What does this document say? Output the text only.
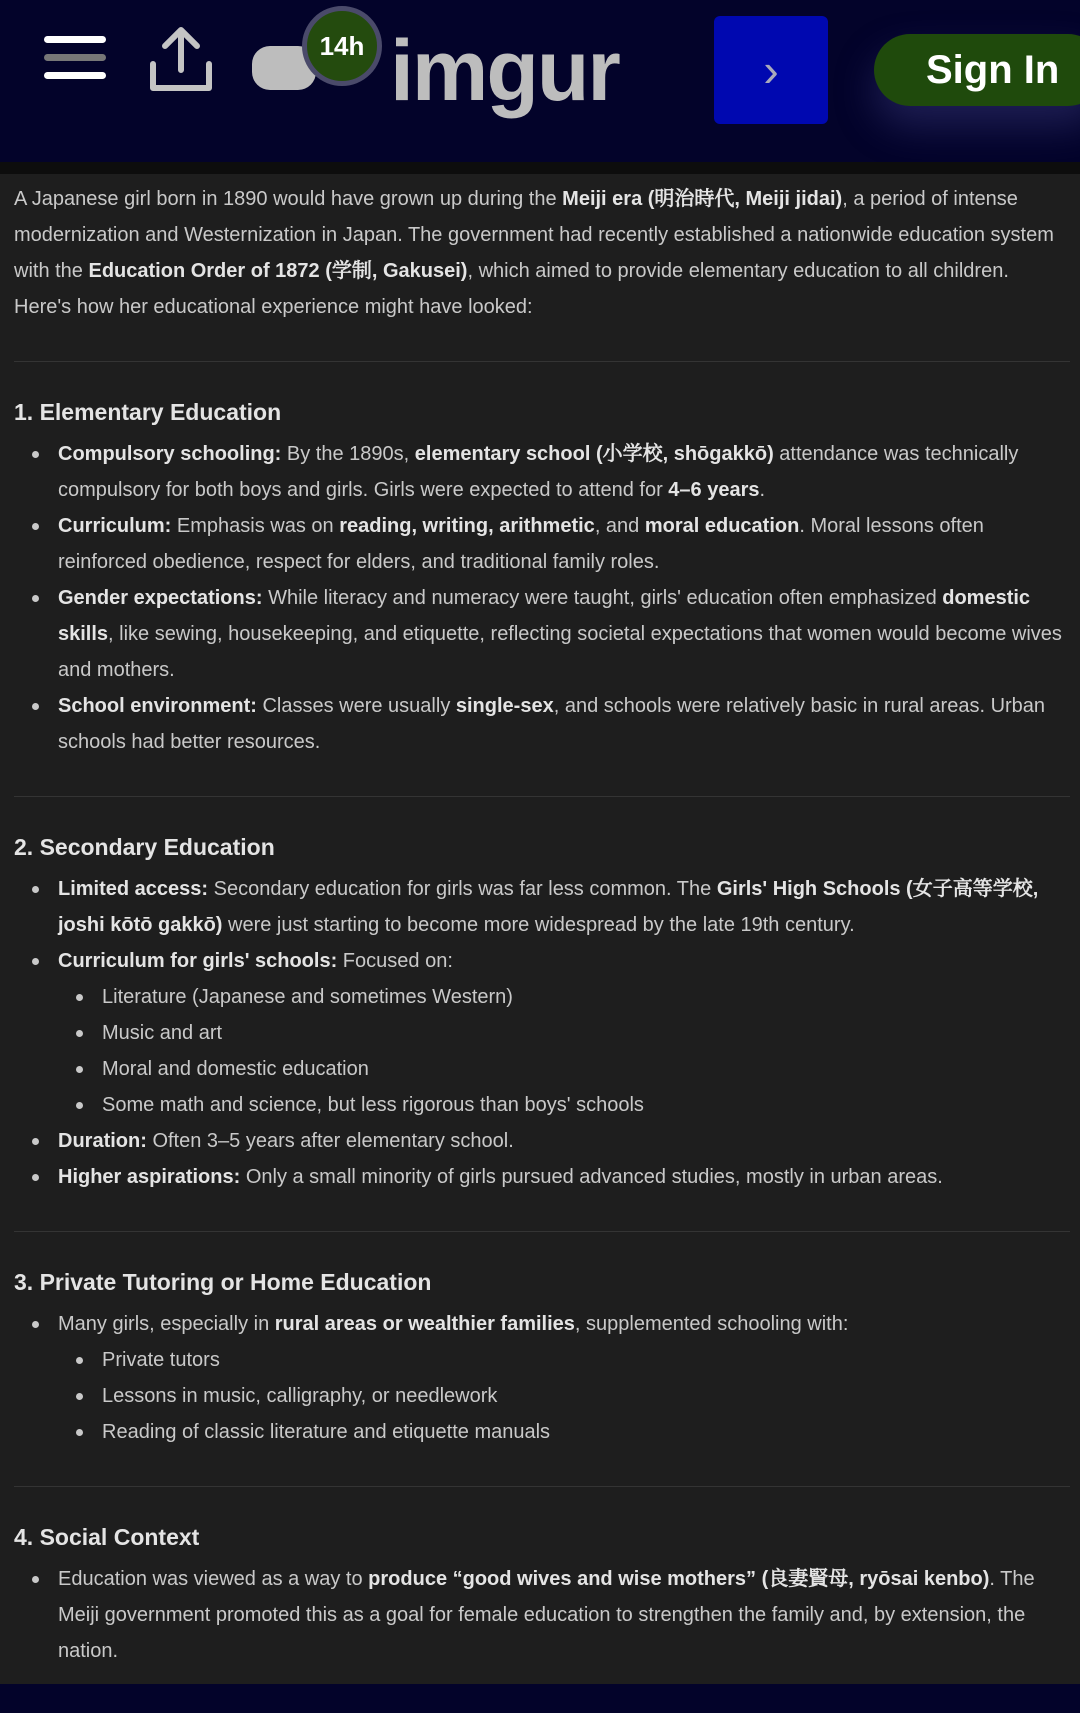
imgur
14h	›	Sign In

A Japanese girl born in 1890 would have grown up during the Meiji era (明治時代, Meiji jidai), a period of intense modernization and Westernization in Japan. The government had recently established a nationwide education system with the Education Order of 1872 (学制, Gakusei), which aimed to provide elementary education to all children. Here's how her educational experience might have looked:

1. Elementary Education
Compulsory schooling: By the 1890s, elementary school (小学校, shōgakkō) attendance was technically compulsory for both boys and girls. Girls were expected to attend for 4–6 years.
Curriculum: Emphasis was on reading, writing, arithmetic, and moral education. Moral lessons often reinforced obedience, respect for elders, and traditional family roles.
Gender expectations: While literacy and numeracy were taught, girls' education often emphasized domestic skills, like sewing, housekeeping, and etiquette, reflecting societal expectations that women would become wives and mothers.
School environment: Classes were usually single-sex, and schools were relatively basic in rural areas. Urban schools had better resources.
2. Secondary Education
Limited access: Secondary education for girls was far less common. The Girls' High Schools (女子高等学校, joshi kōtō gakkō) were just starting to become more widespread by the late 19th century.
Curriculum for girls' schools: Focused on:
Literature (Japanese and sometimes Western)
Music and art
Moral and domestic education
Some math and science, but less rigorous than boys' schools
Duration: Often 3–5 years after elementary school.
Higher aspirations: Only a small minority of girls pursued advanced studies, mostly in urban areas.
3. Private Tutoring or Home Education
Many girls, especially in rural areas or wealthier families, supplemented schooling with:
Private tutors
Lessons in music, calligraphy, or needlework
Reading of classic literature and etiquette manuals
4. Social Context
Education was viewed as a way to produce “good wives and wise mothers” (良妻賢母, ryōsai kenbo). The Meiji government promoted this as a goal for female education to strengthen the family and, by extension, the nation.
